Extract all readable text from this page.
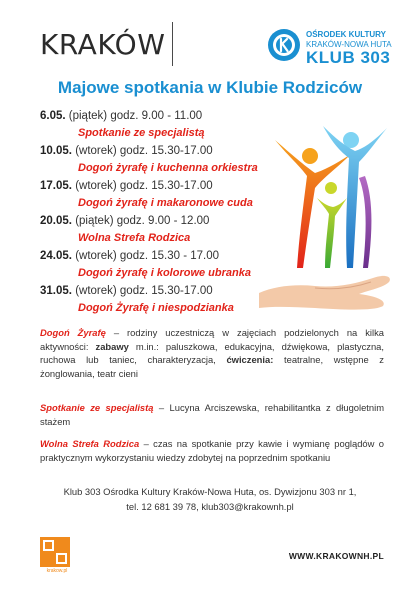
KRAKÓW	OŚRODEK KULTURY
KRAKÓW-NOWA HUTA
KLUB 303
Majowe spotkania w Klubie Rodziców
6.05. (piątek) godz. 9.00 - 11.00
Spotkanie ze specjalistą
10.05. (wtorek) godz. 15.30-17.00
Dogoń żyrafę i kuchenna orkiestra
17.05. (wtorek) godz. 15.30-17.00
Dogoń żyrafę i makaronowe cuda
20.05. (piątek) godz. 9.00 - 12.00
Wolna Strefa Rodzica
24.05. (wtorek) godz. 15.30 - 17.00
Dogoń żyrafę i kolorowe ubranka
31.05. (wtorek) godz. 15.30-17.00
Dogoń Żyrafę i niespodzianka
Dogoń Żyrafę – rodziny uczestniczą w zajęciach podzielonych na kilka aktywności: zabawy m.in.: paluszkowa, edukacyjna, dźwiękowa, plastyczna, ruchowa lub taniec, charakteryzacja, ćwiczenia: teatralne, wstępne z żonglowania, teatr cieni
Spotkanie ze specjalistą – Lucyna Arciszewska, rehabilitantka z długoletnim stażem
Wolna Strefa Rodzica – czas na spotkanie przy kawie i wymianę poglądów o praktycznym wykorzystaniu wiedzy zdobytej na poprzednim spotkaniu
Klub 303 Ośrodka Kultury Kraków-Nowa Huta, os. Dywizjonu 303 nr 1,
tel. 12 681 39 78, klub303@krakownh.pl
krakow.pl
WWW.KRAKOWNH.PL
